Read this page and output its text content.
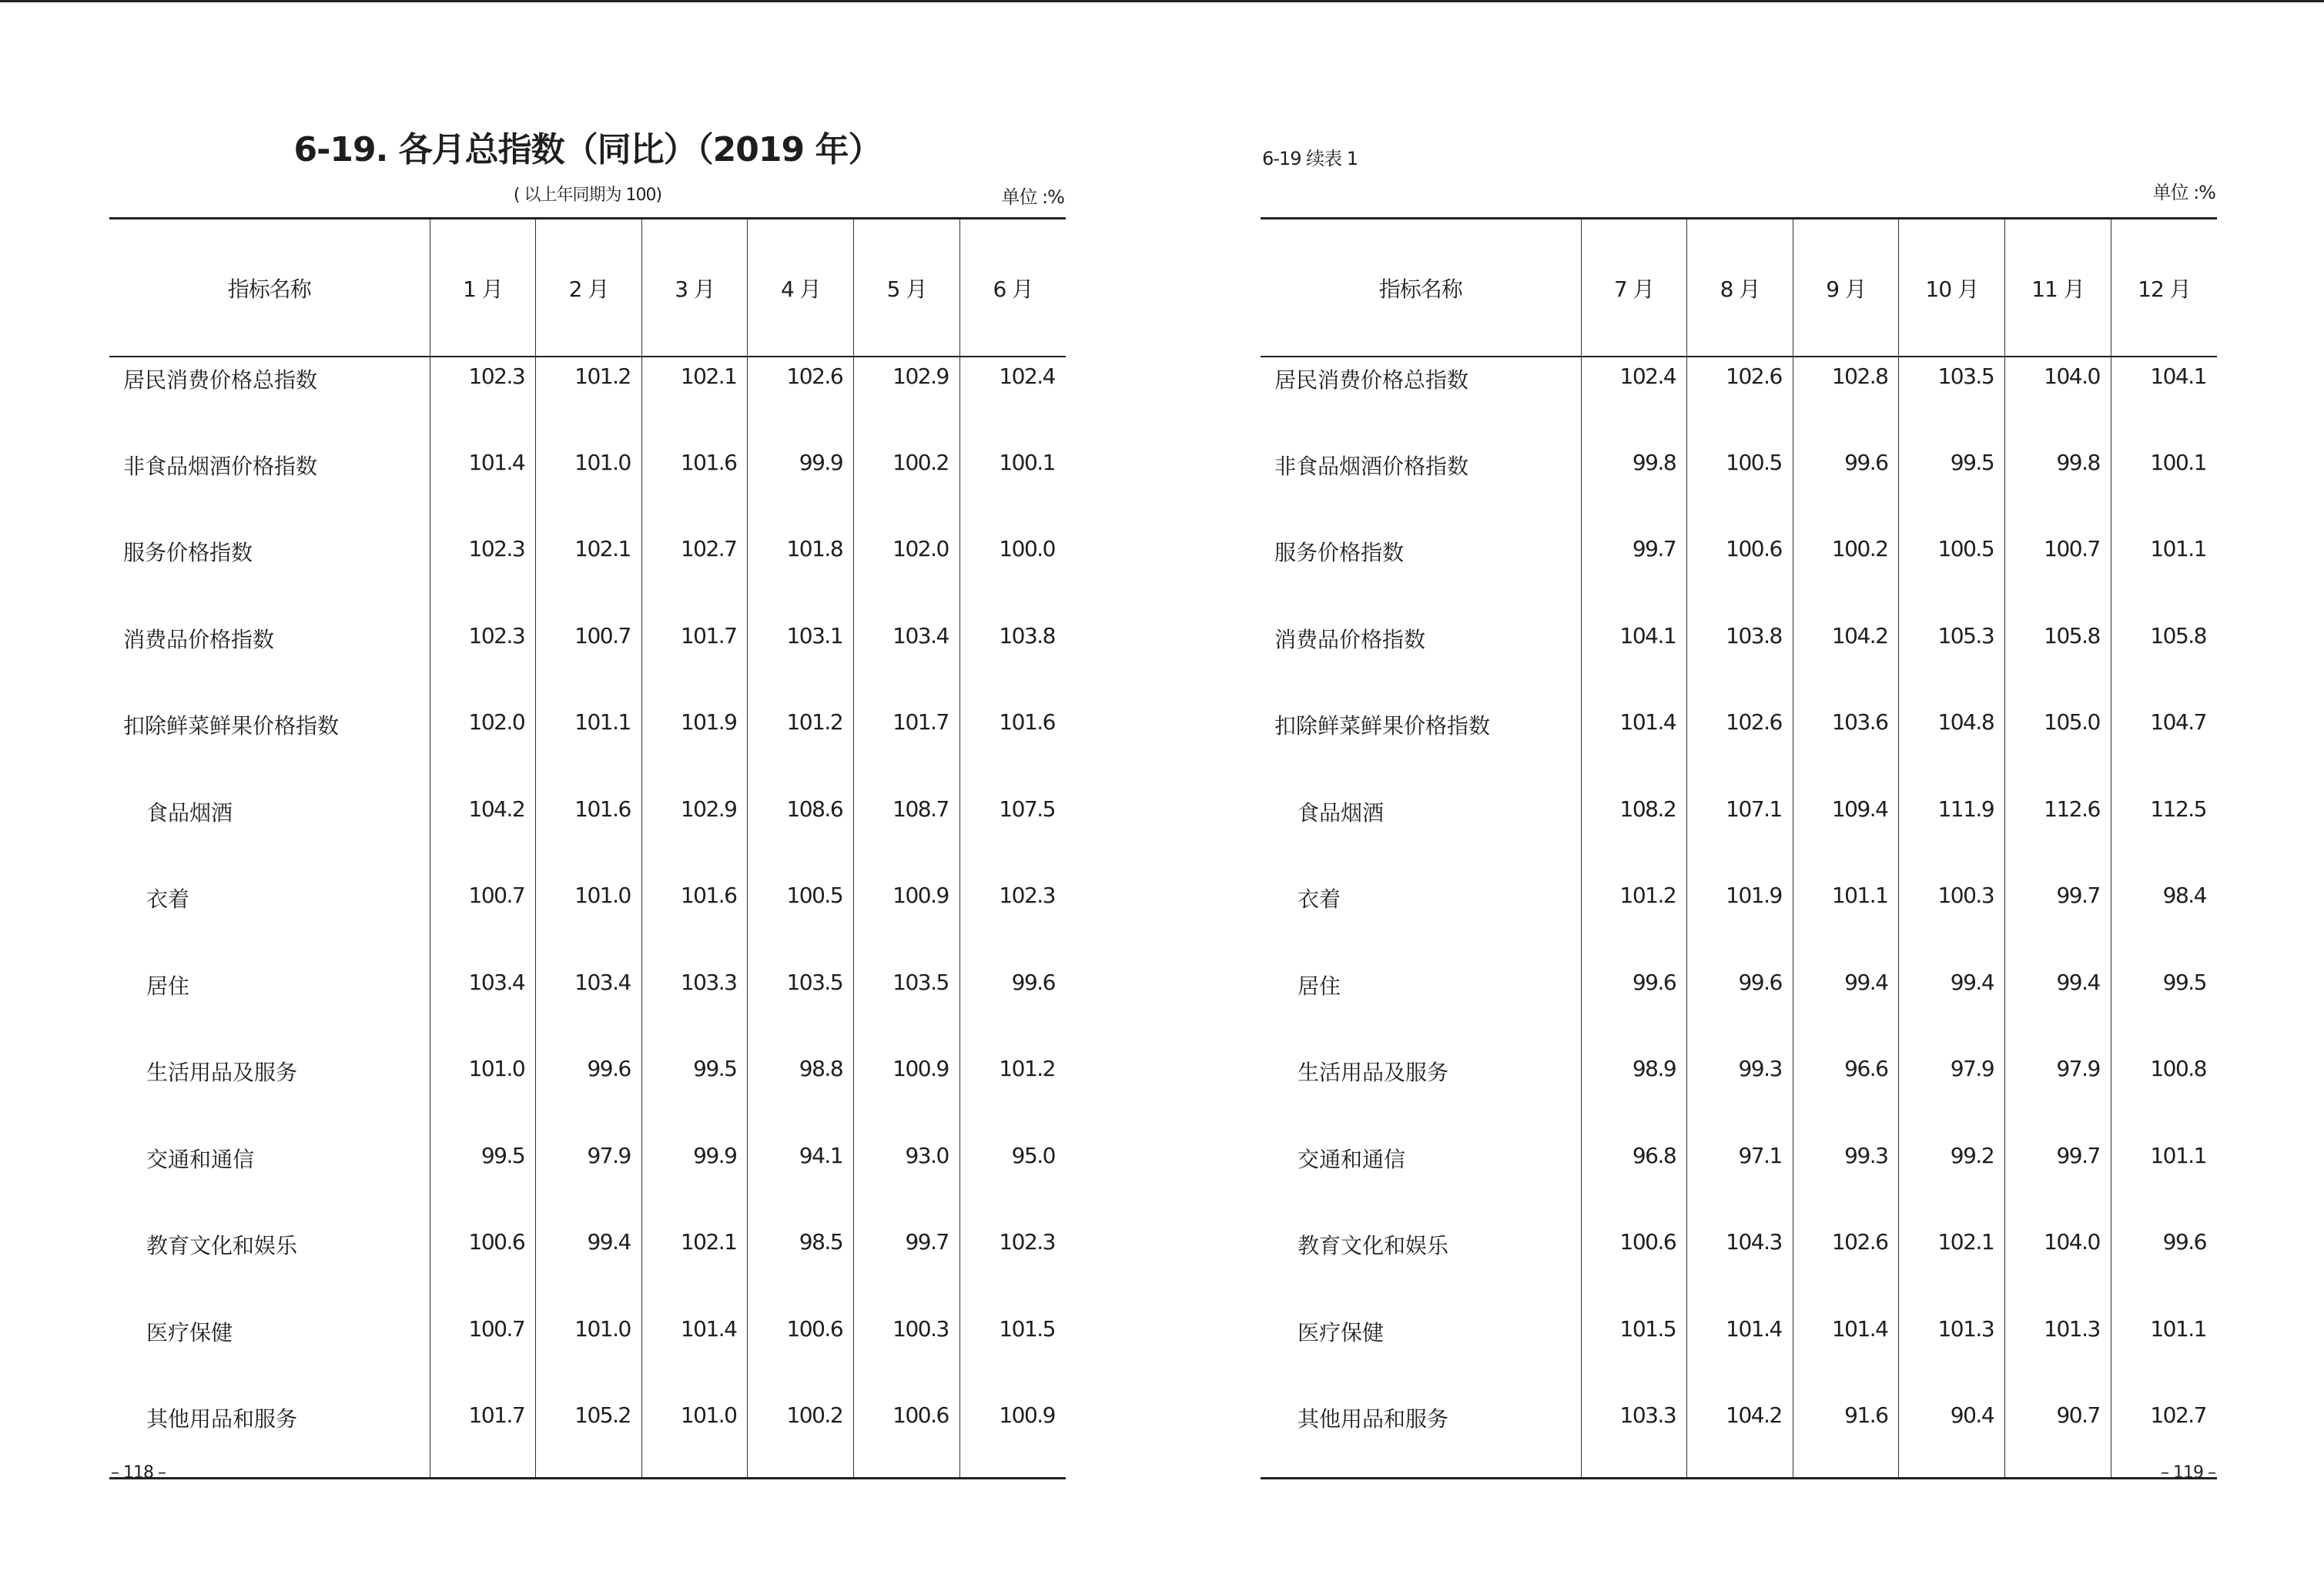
6-19. 各月总指数（同比）（2019 年）
( 以上年同期为 100)	单位 :%
指标名称	1 月	2 月	3 月	4 月	5 月	6 月
居民消费价格总指数	102.3	101.2	102.1	102.6	102.9	102.4
非食品烟酒价格指数	101.4	101.0	101.6	99.9	100.2	100.1
服务价格指数	102.3	102.1	102.7	101.8	102.0	100.0
消费品价格指数	102.3	100.7	101.7	103.1	103.4	103.8
扣除鲜菜鲜果价格指数	102.0	101.1	101.9	101.2	101.7	101.6
食品烟酒	104.2	101.6	102.9	108.6	108.7	107.5
衣着	100.7	101.0	101.6	100.5	100.9	102.3
居住	103.4	103.4	103.3	103.5	103.5	99.6
生活用品及服务	101.0	99.6	99.5	98.8	100.9	101.2
交通和通信	99.5	97.9	99.9	94.1	93.0	95.0
教育文化和娱乐	100.6	99.4	102.1	98.5	99.7	102.3
医疗保健	100.7	101.0	101.4	100.6	100.3	101.5
其他用品和服务	101.7	105.2	101.0	100.2	100.6	100.9
– 118 –
6-19 续表 1
单位 :%
指标名称	7 月	8 月	9 月	10 月	11 月	12 月
居民消费价格总指数	102.4	102.6	102.8	103.5	104.0	104.1
非食品烟酒价格指数	99.8	100.5	99.6	99.5	99.8	100.1
服务价格指数	99.7	100.6	100.2	100.5	100.7	101.1
消费品价格指数	104.1	103.8	104.2	105.3	105.8	105.8
扣除鲜菜鲜果价格指数	101.4	102.6	103.6	104.8	105.0	104.7
食品烟酒	108.2	107.1	109.4	111.9	112.6	112.5
衣着	101.2	101.9	101.1	100.3	99.7	98.4
居住	99.6	99.6	99.4	99.4	99.4	99.5
生活用品及服务	98.9	99.3	96.6	97.9	97.9	100.8
交通和通信	96.8	97.1	99.3	99.2	99.7	101.1
教育文化和娱乐	100.6	104.3	102.6	102.1	104.0	99.6
医疗保健	101.5	101.4	101.4	101.3	101.3	101.1
其他用品和服务	103.3	104.2	91.6	90.4	90.7	102.7
– 119 –
